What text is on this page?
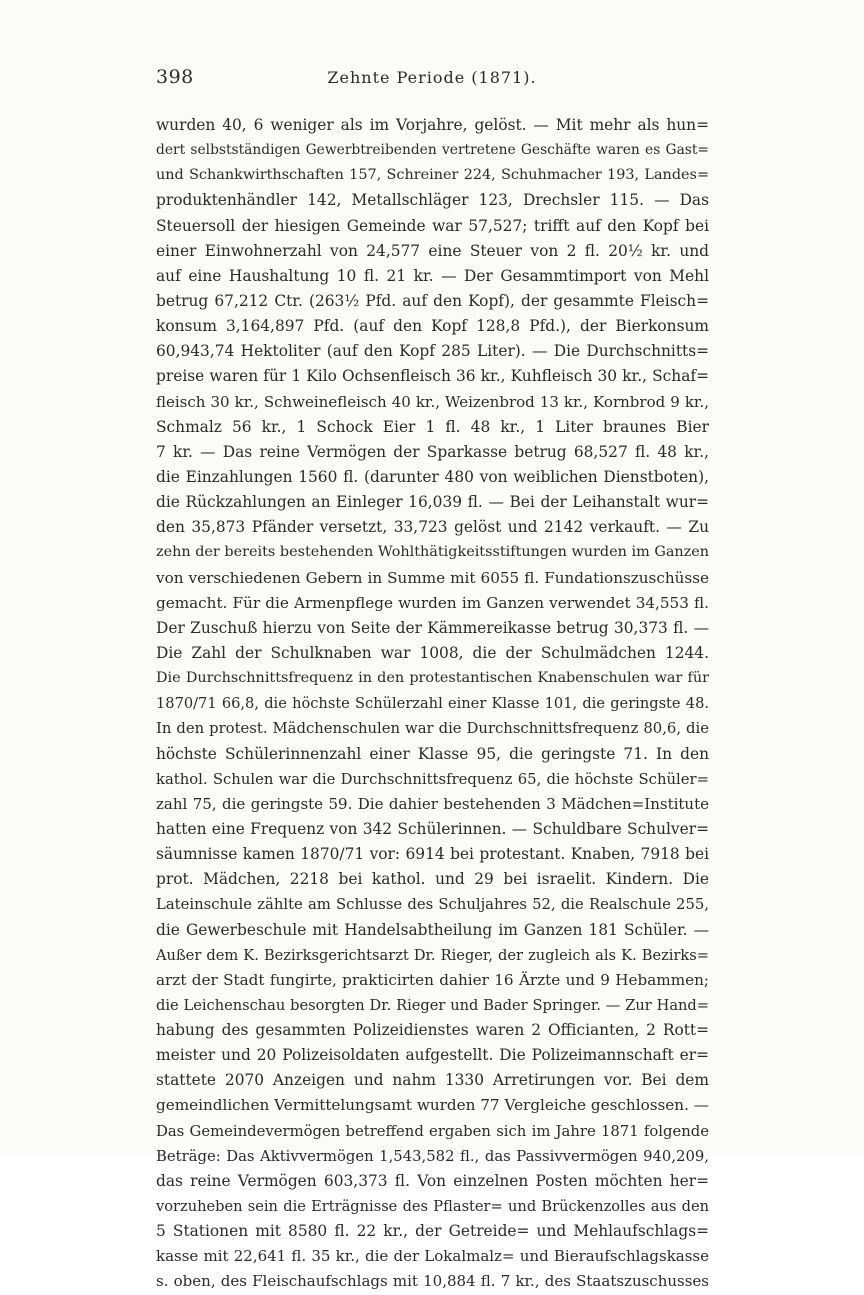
398	Zehnte Periode (1871).
wurden 40, 6 weniger als im Vorjahre, gelöst. — Mit mehr als hun=
dert selbstständigen Gewerbtreibenden vertretene Geschäfte waren es Gast=
und Schankwirthschaften 157, Schreiner 224, Schuhmacher 193, Landes=
produktenhändler 142, Metallschläger 123, Drechsler 115. — Das
Steuersoll der hiesigen Gemeinde war 57,527; trifft auf den Kopf bei
einer Einwohnerzahl von 24,577 eine Steuer von 2 fl. 20½ kr. und
auf eine Haushaltung 10 fl. 21 kr. — Der Gesammtimport von Mehl
betrug 67,212 Ctr. (263½ Pfd. auf den Kopf), der gesammte Fleisch=
konsum 3,164,897 Pfd. (auf den Kopf 128,8 Pfd.), der Bierkonsum
60,943,74 Hektoliter (auf den Kopf 285 Liter). — Die Durchschnitts=
preise waren für 1 Kilo Ochsenfleisch 36 kr., Kuhfleisch 30 kr., Schaf=
fleisch 30 kr., Schweinefleisch 40 kr., Weizenbrod 13 kr., Kornbrod 9 kr.,
Schmalz 56 kr., 1 Schock Eier 1 fl. 48 kr., 1 Liter braunes Bier
7 kr. — Das reine Vermögen der Sparkasse betrug 68,527 fl. 48 kr.,
die Einzahlungen 1560 fl. (darunter 480 von weiblichen Dienstboten),
die Rückzahlungen an Einleger 16,039 fl. — Bei der Leihanstalt wur=
den 35,873 Pfänder versetzt, 33,723 gelöst und 2142 verkauft. — Zu
zehn der bereits bestehenden Wohlthätigkeitsstiftungen wurden im Ganzen
von verschiedenen Gebern in Summe mit 6055 fl. Fundationszuschüsse
gemacht. Für die Armenpflege wurden im Ganzen verwendet 34,553 fl.
Der Zuschuß hierzu von Seite der Kämmereikasse betrug 30,373 fl. —
Die Zahl der Schulknaben war 1008, die der Schulmädchen 1244.
Die Durchschnittsfrequenz in den protestantischen Knabenschulen war für
1870/71 66,8, die höchste Schülerzahl einer Klasse 101, die geringste 48.
In den protest. Mädchenschulen war die Durchschnittsfrequenz 80,6, die
höchste Schülerinnenzahl einer Klasse 95, die geringste 71. In den
kathol. Schulen war die Durchschnittsfrequenz 65, die höchste Schüler=
zahl 75, die geringste 59. Die dahier bestehenden 3 Mädchen=Institute
hatten eine Frequenz von 342 Schülerinnen. — Schuldbare Schulver=
säumnisse kamen 1870/71 vor: 6914 bei protestant. Knaben, 7918 bei
prot. Mädchen, 2218 bei kathol. und 29 bei israelit. Kindern. Die
Lateinschule zählte am Schlusse des Schuljahres 52, die Realschule 255,
die Gewerbeschule mit Handelsabtheilung im Ganzen 181 Schüler. —
Außer dem K. Bezirksgerichtsarzt Dr. Rieger, der zugleich als K. Bezirks=
arzt der Stadt fungirte, prakticirten dahier 16 Ärzte und 9 Hebammen;
die Leichenschau besorgten Dr. Rieger und Bader Springer. — Zur Hand=
habung des gesammten Polizeidienstes waren 2 Officianten, 2 Rott=
meister und 20 Polizeisoldaten aufgestellt. Die Polizeimannschaft er=
stattete 2070 Anzeigen und nahm 1330 Arretirungen vor. Bei dem
gemeindlichen Vermittelungsamt wurden 77 Vergleiche geschlossen. —
Das Gemeindevermögen betreffend ergaben sich im Jahre 1871 folgende
Beträge: Das Aktivvermögen 1,543,582 fl., das Passivvermögen 940,209,
das reine Vermögen 603,373 fl. Von einzelnen Posten möchten her=
vorzuheben sein die Erträgnisse des Pflaster= und Brückenzolles aus den
5 Stationen mit 8580 fl. 22 kr., der Getreide= und Mehlaufschlags=
kasse mit 22,641 fl. 35 kr., die der Lokalmalz= und Bieraufschlagskasse
s. oben, des Fleischaufschlags mit 10,884 fl. 7 kr., des Staatszuschusses
